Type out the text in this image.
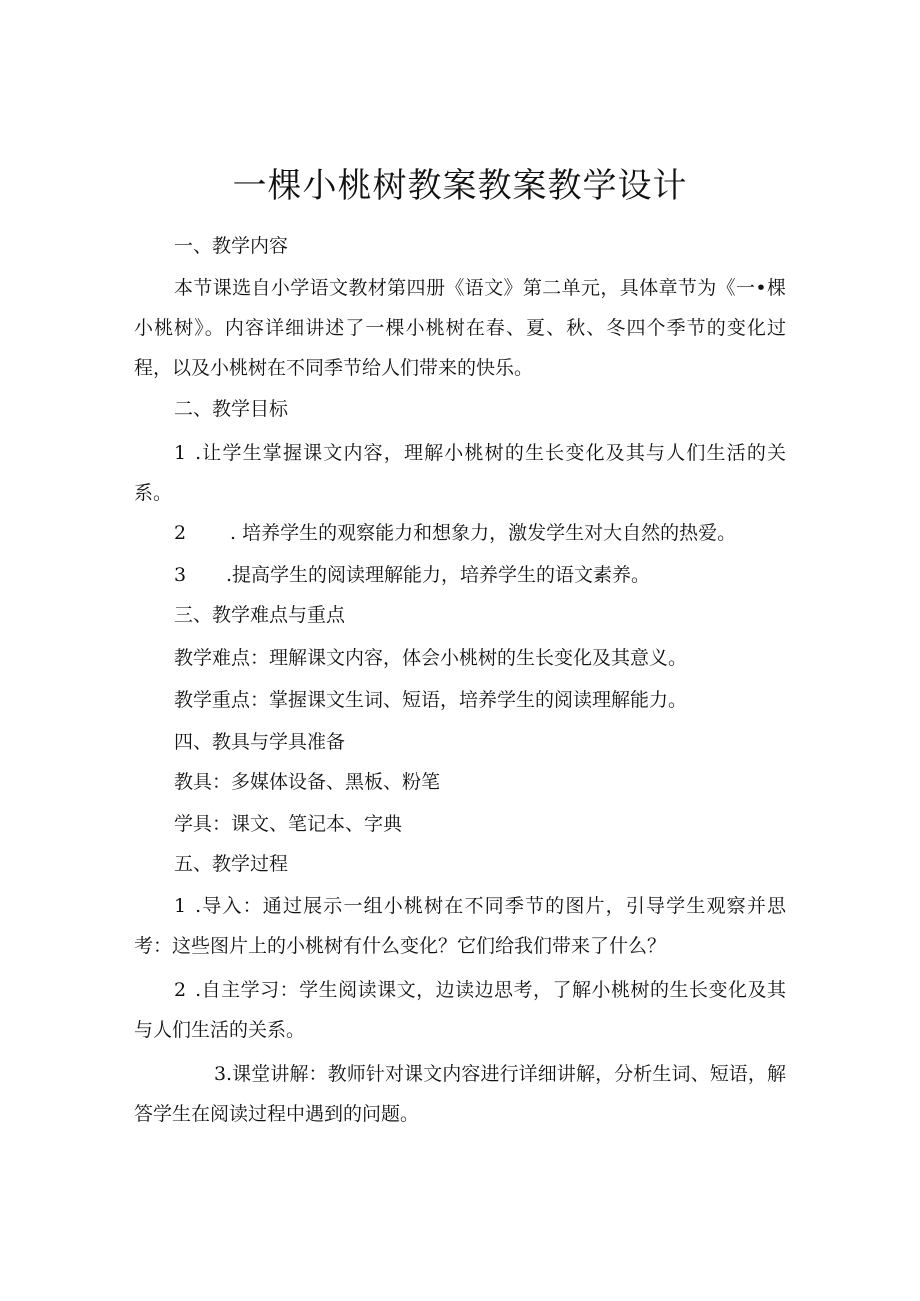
一棵小桃树教案教案教学设计

一、教学内容

本节课选自小学语文教材第四册《语文》第二单元，具体章节为《一•棵小桃树》。内容详细讲述了一棵小桃树在春、夏、秋、冬四个季节的变化过程，以及小桃树在不同季节给人们带来的快乐。

二、教学目标

1 .让学生掌握课文内容，理解小桃树的生长变化及其与人们生活的关系。

2 . 培养学生的观察能力和想象力，激发学生对大自然的热爱。

3 .提高学生的阅读理解能力，培养学生的语文素养。

三、教学难点与重点

教学难点：理解课文内容，体会小桃树的生长变化及其意义。

教学重点：掌握课文生词、短语，培养学生的阅读理解能力。

四、教具与学具准备

教具：多媒体设备、黑板、粉笔

学具：课文、笔记本、字典

五、教学过程

1 .导入：通过展示一组小桃树在不同季节的图片，引导学生观察并思考：这些图片上的小桃树有什么变化？它们给我们带来了什么？

2 .自主学习：学生阅读课文，边读边思考，了解小桃树的生长变化及其与人们生活的关系。

3.课堂讲解：教师针对课文内容进行详细讲解，分析生词、短语，解答学生在阅读过程中遇到的问题。
